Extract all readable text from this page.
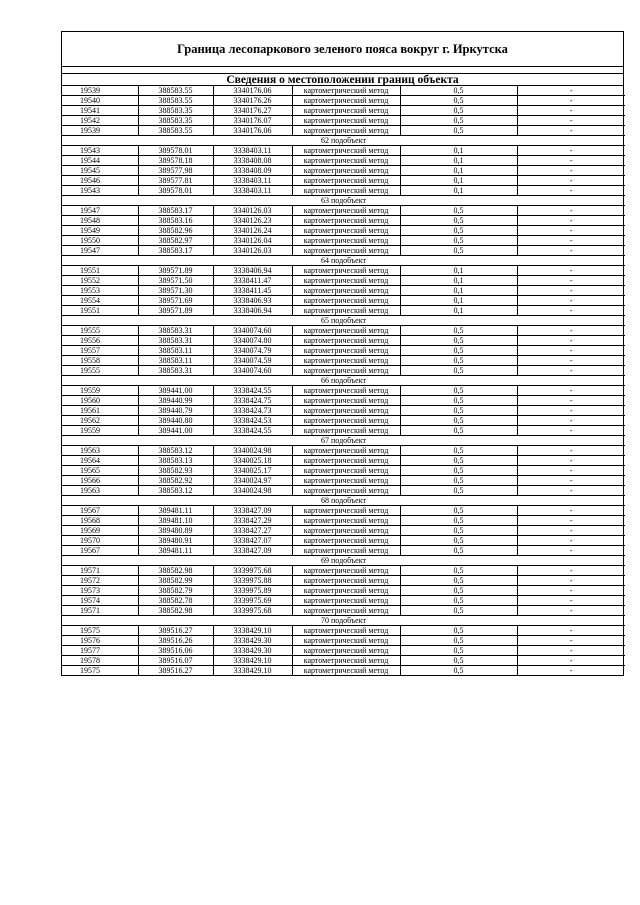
Граница лесопаркового зеленого пояса вокруг г. Иркутска
Сведения о местоположении границ объекта
19539	388583.55	3340176.06	картометрический метод	0,5	-
19540	388583.55	3340176.26	картометрический метод	0,5	-
19541	388583.35	3340176.27	картометрический метод	0,5	-
19542	388583.35	3340176.07	картометрический метод	0,5	-
19539	388583.55	3340176.06	картометрический метод	0,5	-
62 подобъект					
19543	389578.01	3338403.11	картометрический метод	0,1	-
19544	389578.18	3338408.08	картометрический метод	0,1	-
19545	389577.98	3338408.09	картометрический метод	0,1	-
19546	389577.81	3338403.11	картометрический метод	0,1	-
19543	389578.01	3338403.11	картометрический метод	0,1	-
63 подобъект					
19547	388583.17	3340126.03	картометрический метод	0,5	-
19548	388583.16	3340126.23	картометрический метод	0,5	-
19549	388582.96	3340126.24	картометрический метод	0,5	-
19550	388582.97	3340126.04	картометрический метод	0,5	-
19547	388583.17	3340126.03	картометрический метод	0,5	-
64 подобъект					
19551	389571.89	3338406.94	картометрический метод	0,1	-
19552	389571.50	3338411.47	картометрический метод	0,1	-
19553	389571.30	3338411.45	картометрический метод	0,1	-
19554	389571.69	3338406.93	картометрический метод	0,1	-
19551	389571.89	3338406.94	картометрический метод	0,1	-
65 подобъект					
19555	388583.31	3340074.60	картометрический метод	0,5	-
19556	388583.31	3340074.80	картометрический метод	0,5	-
19557	388583.11	3340074.79	картометрический метод	0,5	-
19558	388583.11	3340074.59	картометрический метод	0,5	-
19555	388583.31	3340074.60	картометрический метод	0,5	-
66 подобъект					
19559	389441.00	3338424.55	картометрический метод	0,5	-
19560	389440.99	3338424.75	картометрический метод	0,5	-
19561	389440.79	3338424.73	картометрический метод	0,5	-
19562	389440.80	3338424.53	картометрический метод	0,5	-
19559	389441.00	3338424.55	картометрический метод	0,5	-
67 подобъект					
19563	388583.12	3340024.98	картометрический метод	0,5	-
19564	388583.13	3340025.18	картометрический метод	0,5	-
19565	388582.93	3340025.17	картометрический метод	0,5	-
19566	388582.92	3340024.97	картометрический метод	0,5	-
19563	388583.12	3340024.98	картометрический метод	0,5	-
68 подобъект					
19567	389481.11	3338427.09	картометрический метод	0,5	-
19568	389481.10	3338427.29	картометрический метод	0,5	-
19569	389480.89	3338427.27	картометрический метод	0,5	-
19570	389480.91	3338427.07	картометрический метод	0,5	-
19567	389481.11	3338427.09	картометрический метод	0,5	-
69 подобъект					
19571	388582.98	3339975.68	картометрический метод	0,5	-
19572	388582.99	3339975.88	картометрический метод	0,5	-
19573	388582.79	3339975.89	картометрический метод	0,5	-
19574	388582.78	3339975.69	картометрический метод	0,5	-
19571	388582.98	3339975.68	картометрический метод	0,5	-
70 подобъект					
19575	389516.27	3338429.10	картометрический метод	0,5	-
19576	389516.26	3338429.30	картометрический метод	0,5	-
19577	389516.06	3338429.30	картометрический метод	0,5	-
19578	389516.07	3338429.10	картометрический метод	0,5	-
19575	389516.27	3338429.10	картометрический метод	0,5	-
